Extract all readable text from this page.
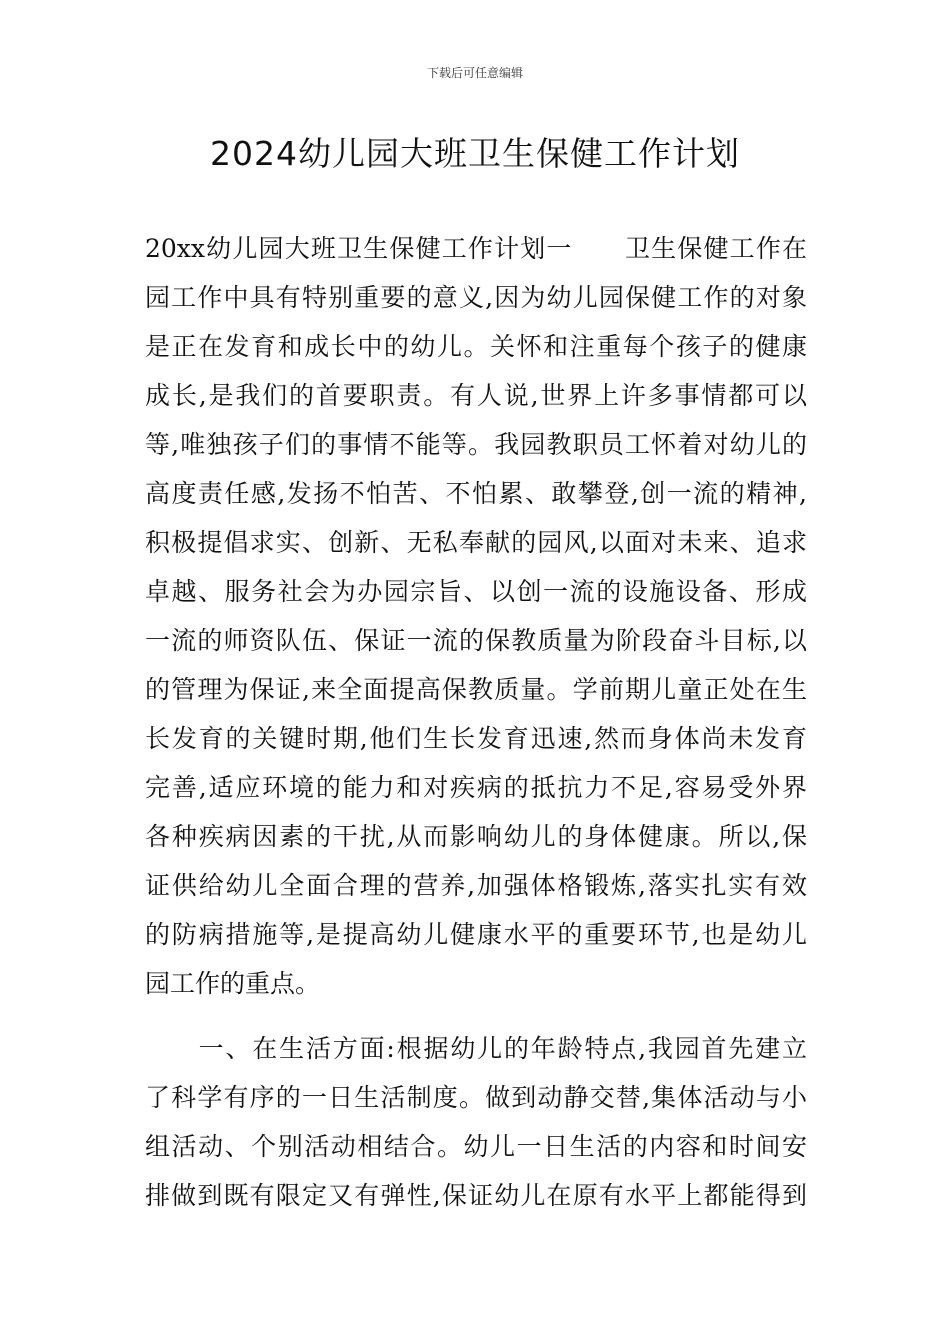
下载后可任意编辑
2024幼儿园大班卫生保健工作计划
20xx幼儿园大班卫生保健工作计划一　　卫生保健工作在
园工作中具有特别重要的意义,因为幼儿园保健工作的对象
是正在发育和成长中的幼儿。关怀和注重每个孩子的健康
成长,是我们的首要职责。有人说,世界上许多事情都可以
等,唯独孩子们的事情不能等。我园教职员工怀着对幼儿的
高度责任感,发扬不怕苦、不怕累、敢攀登,创一流的精神,
积极提倡求实、创新、无私奉献的园风,以面对未来、追求
卓越、服务社会为办园宗旨、以创一流的设施设备、形成
一流的师资队伍、保证一流的保教质量为阶段奋斗目标,以
的管理为保证,来全面提高保教质量。学前期儿童正处在生
长发育的关键时期,他们生长发育迅速,然而身体尚未发育
完善,适应环境的能力和对疾病的抵抗力不足,容易受外界
各种疾病因素的干扰,从而影响幼儿的身体健康。所以,保
证供给幼儿全面合理的营养,加强体格锻炼,落实扎实有效
的防病措施等,是提高幼儿健康水平的重要环节,也是幼儿
园工作的重点。
　　一、在生活方面:根据幼儿的年龄特点,我园首先建立
了科学有序的一日生活制度。做到动静交替,集体活动与小
组活动、个别活动相结合。幼儿一日生活的内容和时间安
排做到既有限定又有弹性,保证幼儿在原有水平上都能得到
